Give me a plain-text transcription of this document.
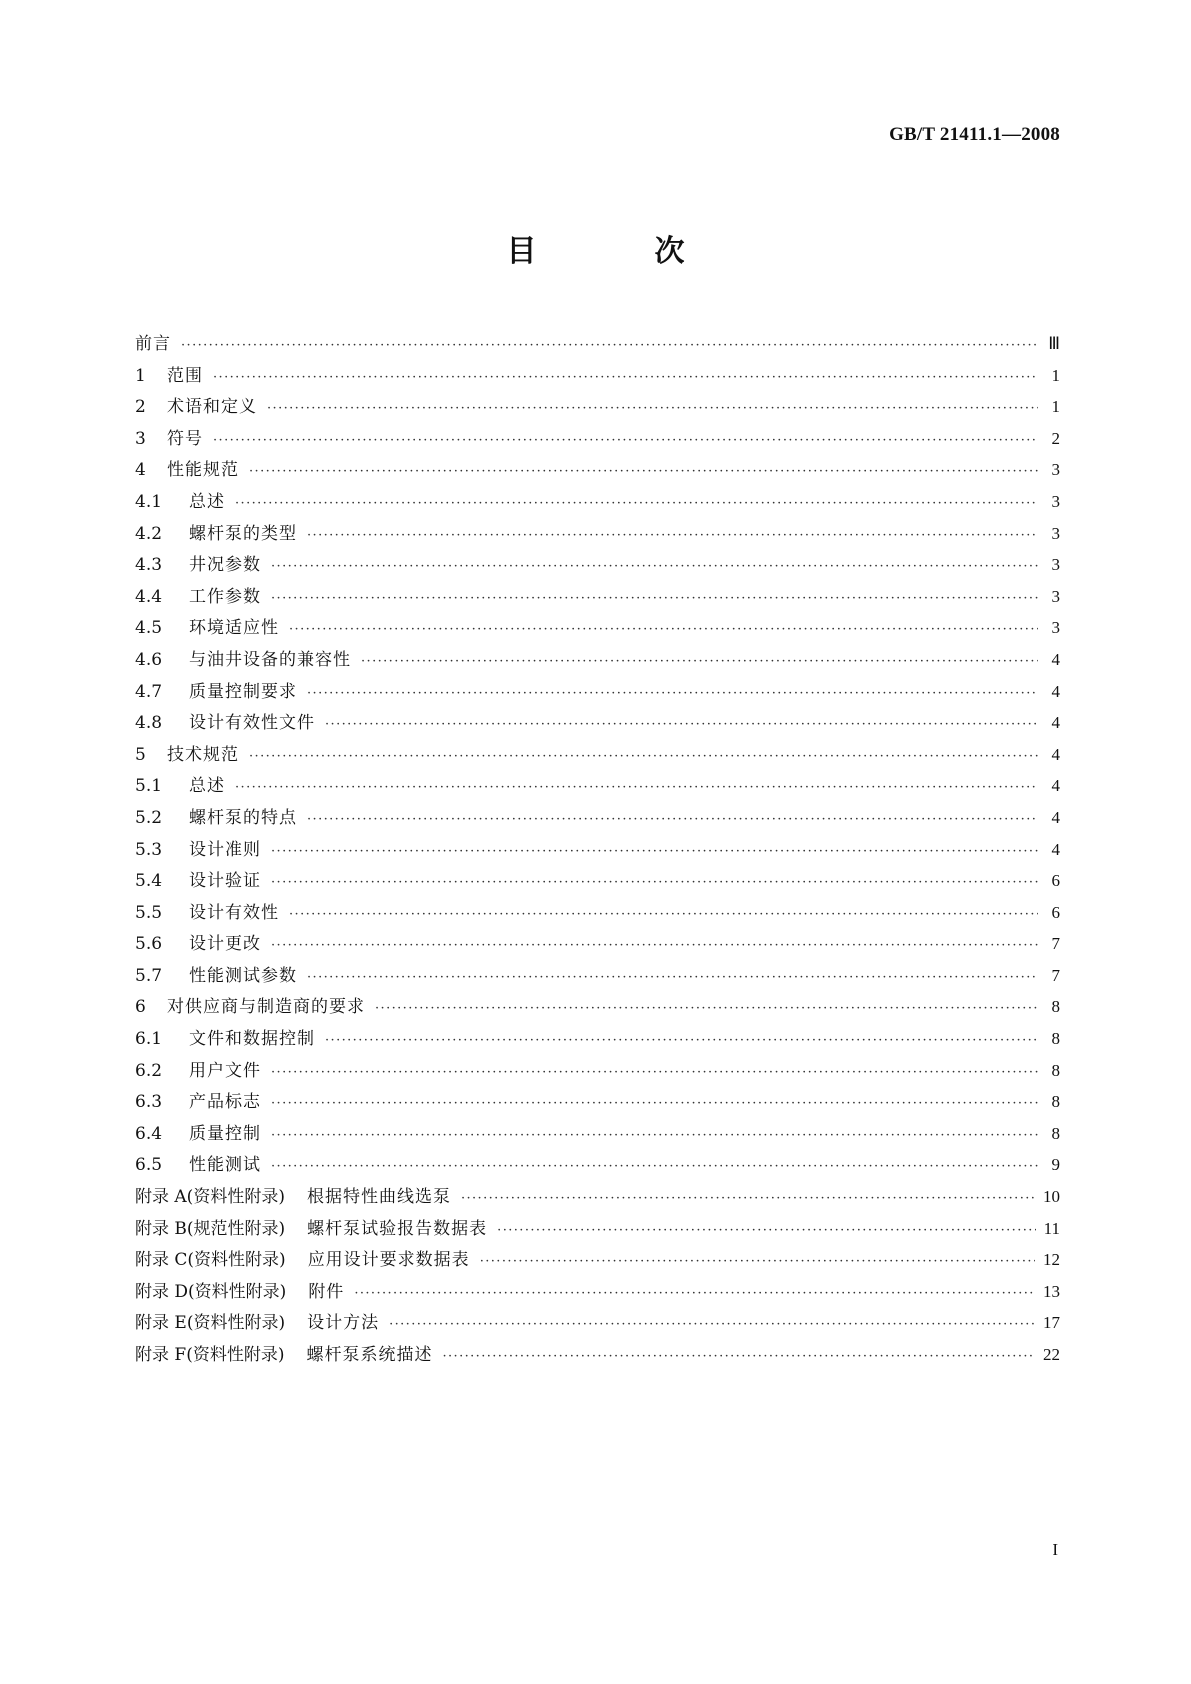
GB/T 21411.1—2008
目　次
前言 ·····	Ⅲ
1	范围 ·····	1
2	术语和定义 ·····	1
3	符号 ·····	2
4	性能规范 ·····	3
4.1	总述 ·····	3
4.2	螺杆泵的类型 ·····	3
4.3	井况参数 ·····	3
4.4	工作参数 ·····	3
4.5	环境适应性 ·····	3
4.6	与油井设备的兼容性 ·····	4
4.7	质量控制要求 ·····	4
4.8	设计有效性文件 ·····	4
5	技术规范 ·····	4
5.1	总述 ·····	4
5.2	螺杆泵的特点 ·····	4
5.3	设计准则 ·····	4
5.4	设计验证 ·····	6
5.5	设计有效性 ·····	6
5.6	设计更改 ·····	7
5.7	性能测试参数 ·····	7
6	对供应商与制造商的要求 ·····	8
6.1	文件和数据控制 ·····	8
6.2	用户文件 ·····	8
6.3	产品标志 ·····	8
6.4	质量控制 ·····	8
6.5	性能测试 ·····	9
附录 A(资料性附录) 根据特性曲线选泵 ·····	10
附录 B(规范性附录) 螺杆泵试验报告数据表 ·····	11
附录 C(资料性附录) 应用设计要求数据表 ·····	12
附录 D(资料性附录) 附件 ·····	13
附录 E(资料性附录) 设计方法 ·····	17
附录 F(资料性附录) 螺杆泵系统描述 ·····	22
I
